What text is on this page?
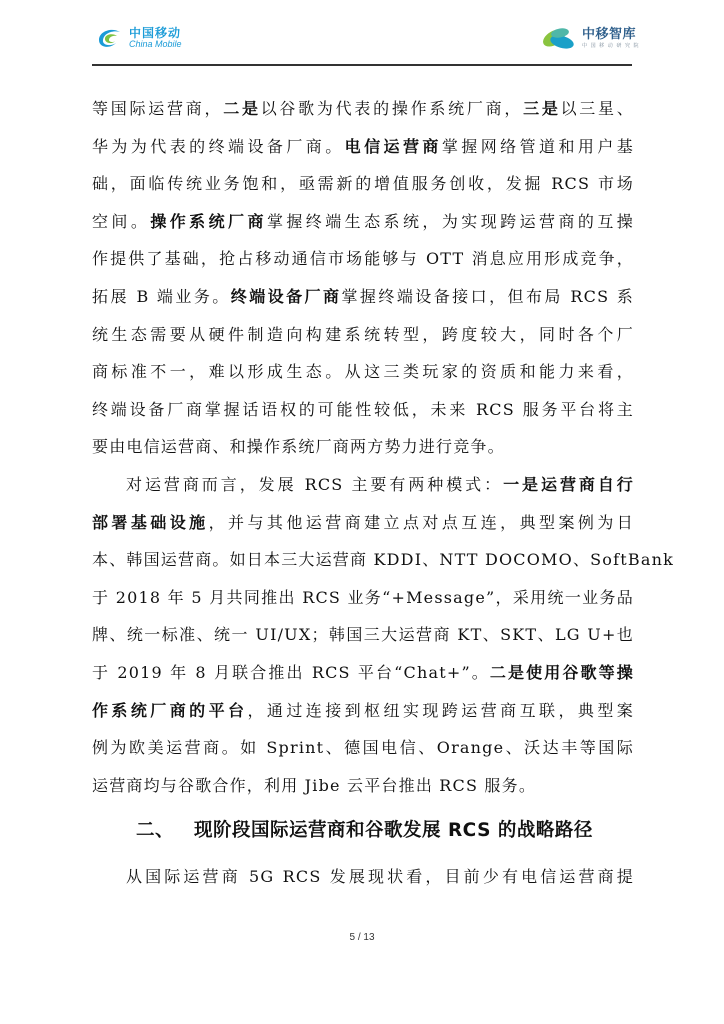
中国移动
China Mobile
中移智库
中 国 移 动 研 究 院
等国际运营商，二是以谷歌为代表的操作系统厂商，三是以三星、
华为为代表的终端设备厂商。电信运营商掌握网络管道和用户基
础，面临传统业务饱和，亟需新的增值服务创收，发掘 RCS 市场
空间。操作系统厂商掌握终端生态系统，为实现跨运营商的互操
作提供了基础，抢占移动通信市场能够与 OTT 消息应用形成竞争，
拓展 B 端业务。终端设备厂商掌握终端设备接口，但布局 RCS 系
统生态需要从硬件制造向构建系统转型，跨度较大，同时各个厂
商标准不一，难以形成生态。从这三类玩家的资质和能力来看，
终端设备厂商掌握话语权的可能性较低，未来 RCS 服务平台将主
要由电信运营商、和操作系统厂商两方势力进行竞争。
对运营商而言，发展 RCS 主要有两种模式：一是运营商自行
部署基础设施，并与其他运营商建立点对点互连，典型案例为日
本、韩国运营商。如日本三大运营商 KDDI、NTT DOCOMO、SoftBank
于 2018 年 5 月共同推出 RCS 业务“+Message”，采用统一业务品
牌、统一标准、统一 UI/UX；韩国三大运营商 KT、SKT、LG U+也
于 2019 年 8 月联合推出 RCS 平台“Chat+”。二是使用谷歌等操
作系统厂商的平台，通过连接到枢纽实现跨运营商互联，典型案
例为欧美运营商。如 Sprint、德国电信、Orange、沃达丰等国际
运营商均与谷歌合作，利用 Jibe 云平台推出 RCS 服务。
二、 现阶段国际运营商和谷歌发展 RCS 的战略路径
从国际运营商 5G RCS 发展现状看，目前少有电信运营商提
5 / 13
